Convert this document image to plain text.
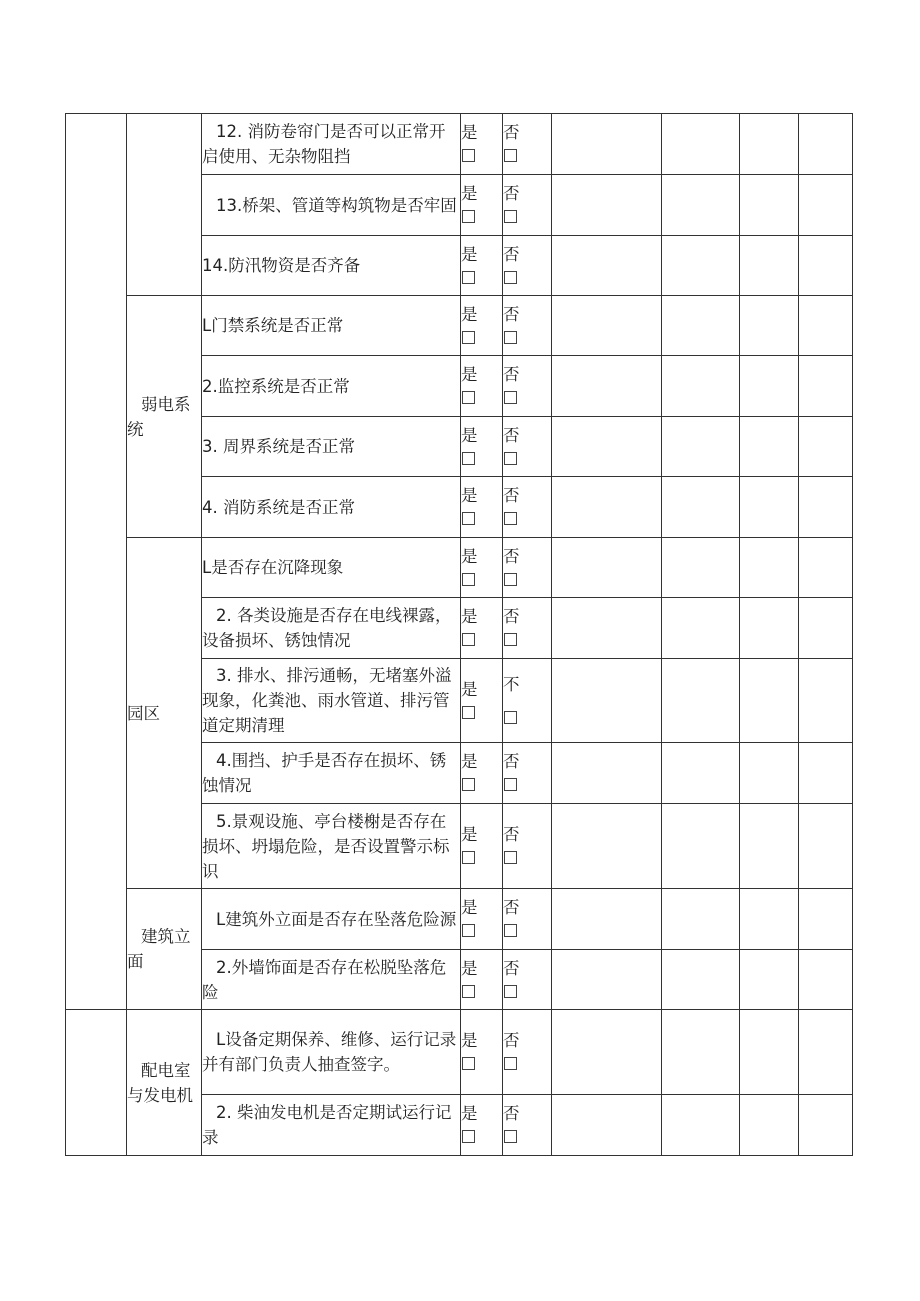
		12. 消防卷帘门是否可以正常开启使用、无杂物阻挡	是	否				

		13.桥架、管道等构筑物是否牢固	是	否				

		14.防汛物资是否齐备	是	否				

	弱电系统	L门禁系统是否正常	是	否				

		2.监控系统是否正常	是	否				

		3. 周界系统是否正常	是	否				

		4. 消防系统是否正常	是	否				

	园区	L是否存在沉降现象	是	否				

		2. 各类设施是否存在电线裸露，设备损坏、锈蚀情况	是	否				

		3. 排水、排污通畅，无堵塞外溢现象，化粪池、雨水管道、排污管道定期清理	是	不				

		4.围挡、护手是否存在损坏、锈蚀情况	是	否				

		5.景观设施、亭台楼榭是否存在损坏、坍塌危险，是否设置警示标识	是	否				

	建筑立面	L建筑外立面是否存在坠落危险源	是	否				

		2.外墙饰面是否存在松脱坠落危险	是	否				

	配电室与发电机	L设备定期保养、维修、运行记录并有部门负责人抽查签字。	是	否				

		2. 柴油发电机是否定期试运行记录	是	否				
